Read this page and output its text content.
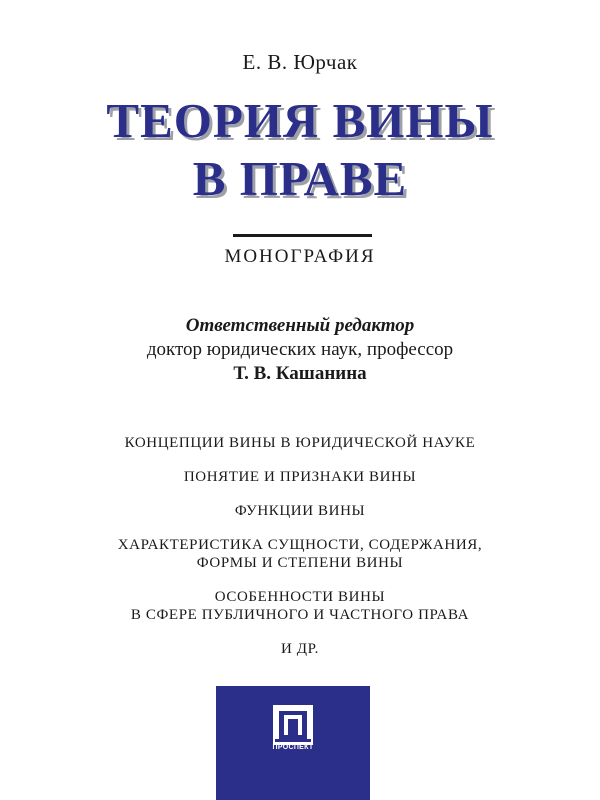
Е. В. Юрчак
ТЕОРИЯ ВИНЫ
В ПРАВЕ
МОНОГРАФИЯ
Ответственный редактор
доктор юридических наук, профессор
Т. В. Кашанина
КОНЦЕПЦИИ ВИНЫ В ЮРИДИЧЕСКОЙ НАУКЕ
ПОНЯТИЕ И ПРИЗНАКИ ВИНЫ
ФУНКЦИИ ВИНЫ
ХАРАКТЕРИСТИКА СУЩНОСТИ, СОДЕРЖАНИЯ,
ФОРМЫ И СТЕПЕНИ ВИНЫ
ОСОБЕННОСТИ ВИНЫ
В СФЕРЕ ПУБЛИЧНОГО И ЧАСТНОГО ПРАВА
И ДР.
ПРОСПЕКТ
